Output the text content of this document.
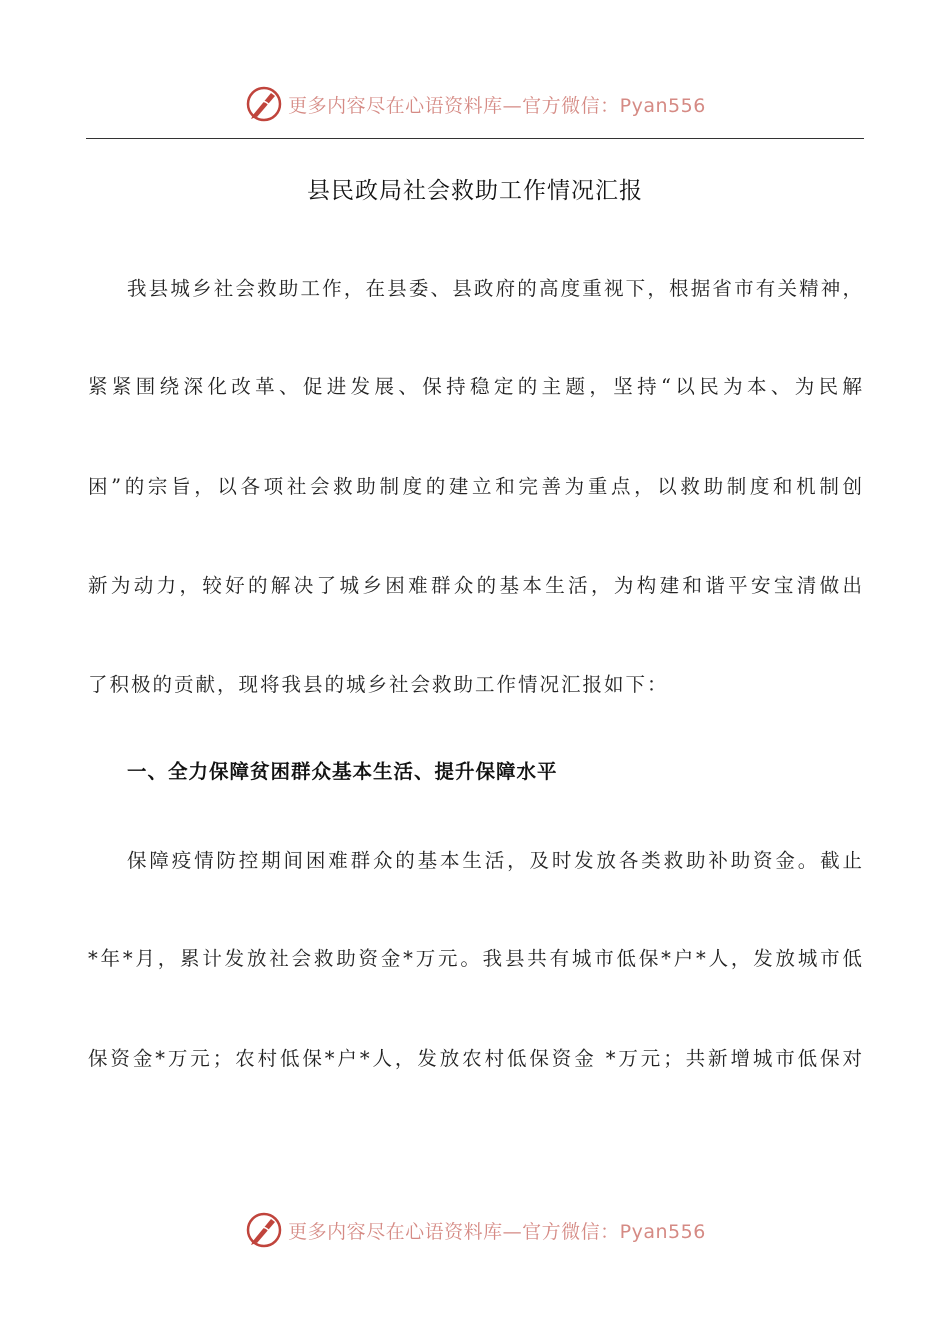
更多内容尽在心语资料库—官方微信：Pyan556
县民政局社会救助工作情况汇报
我县城乡社会救助工作，在县委、县政府的高度重视下，根据省市有关精神，
紧紧围绕深化改革、促进发展、保持稳定的主题，坚持“以民为本、为民解
困”的宗旨，以各项社会救助制度的建立和完善为重点，以救助制度和机制创
新为动力，较好的解决了城乡困难群众的基本生活，为构建和谐平安宝清做出
了积极的贡献，现将我县的城乡社会救助工作情况汇报如下：
一、全力保障贫困群众基本生活、提升保障水平
保障疫情防控期间困难群众的基本生活，及时发放各类救助补助资金。截止
*年*月，累计发放社会救助资金*万元。我县共有城市低保*户*人，发放城市低
保资金*万元；农村低保*户*人，发放农村低保资金 *万元；共新增城市低保对
更多内容尽在心语资料库—官方微信：Pyan556
